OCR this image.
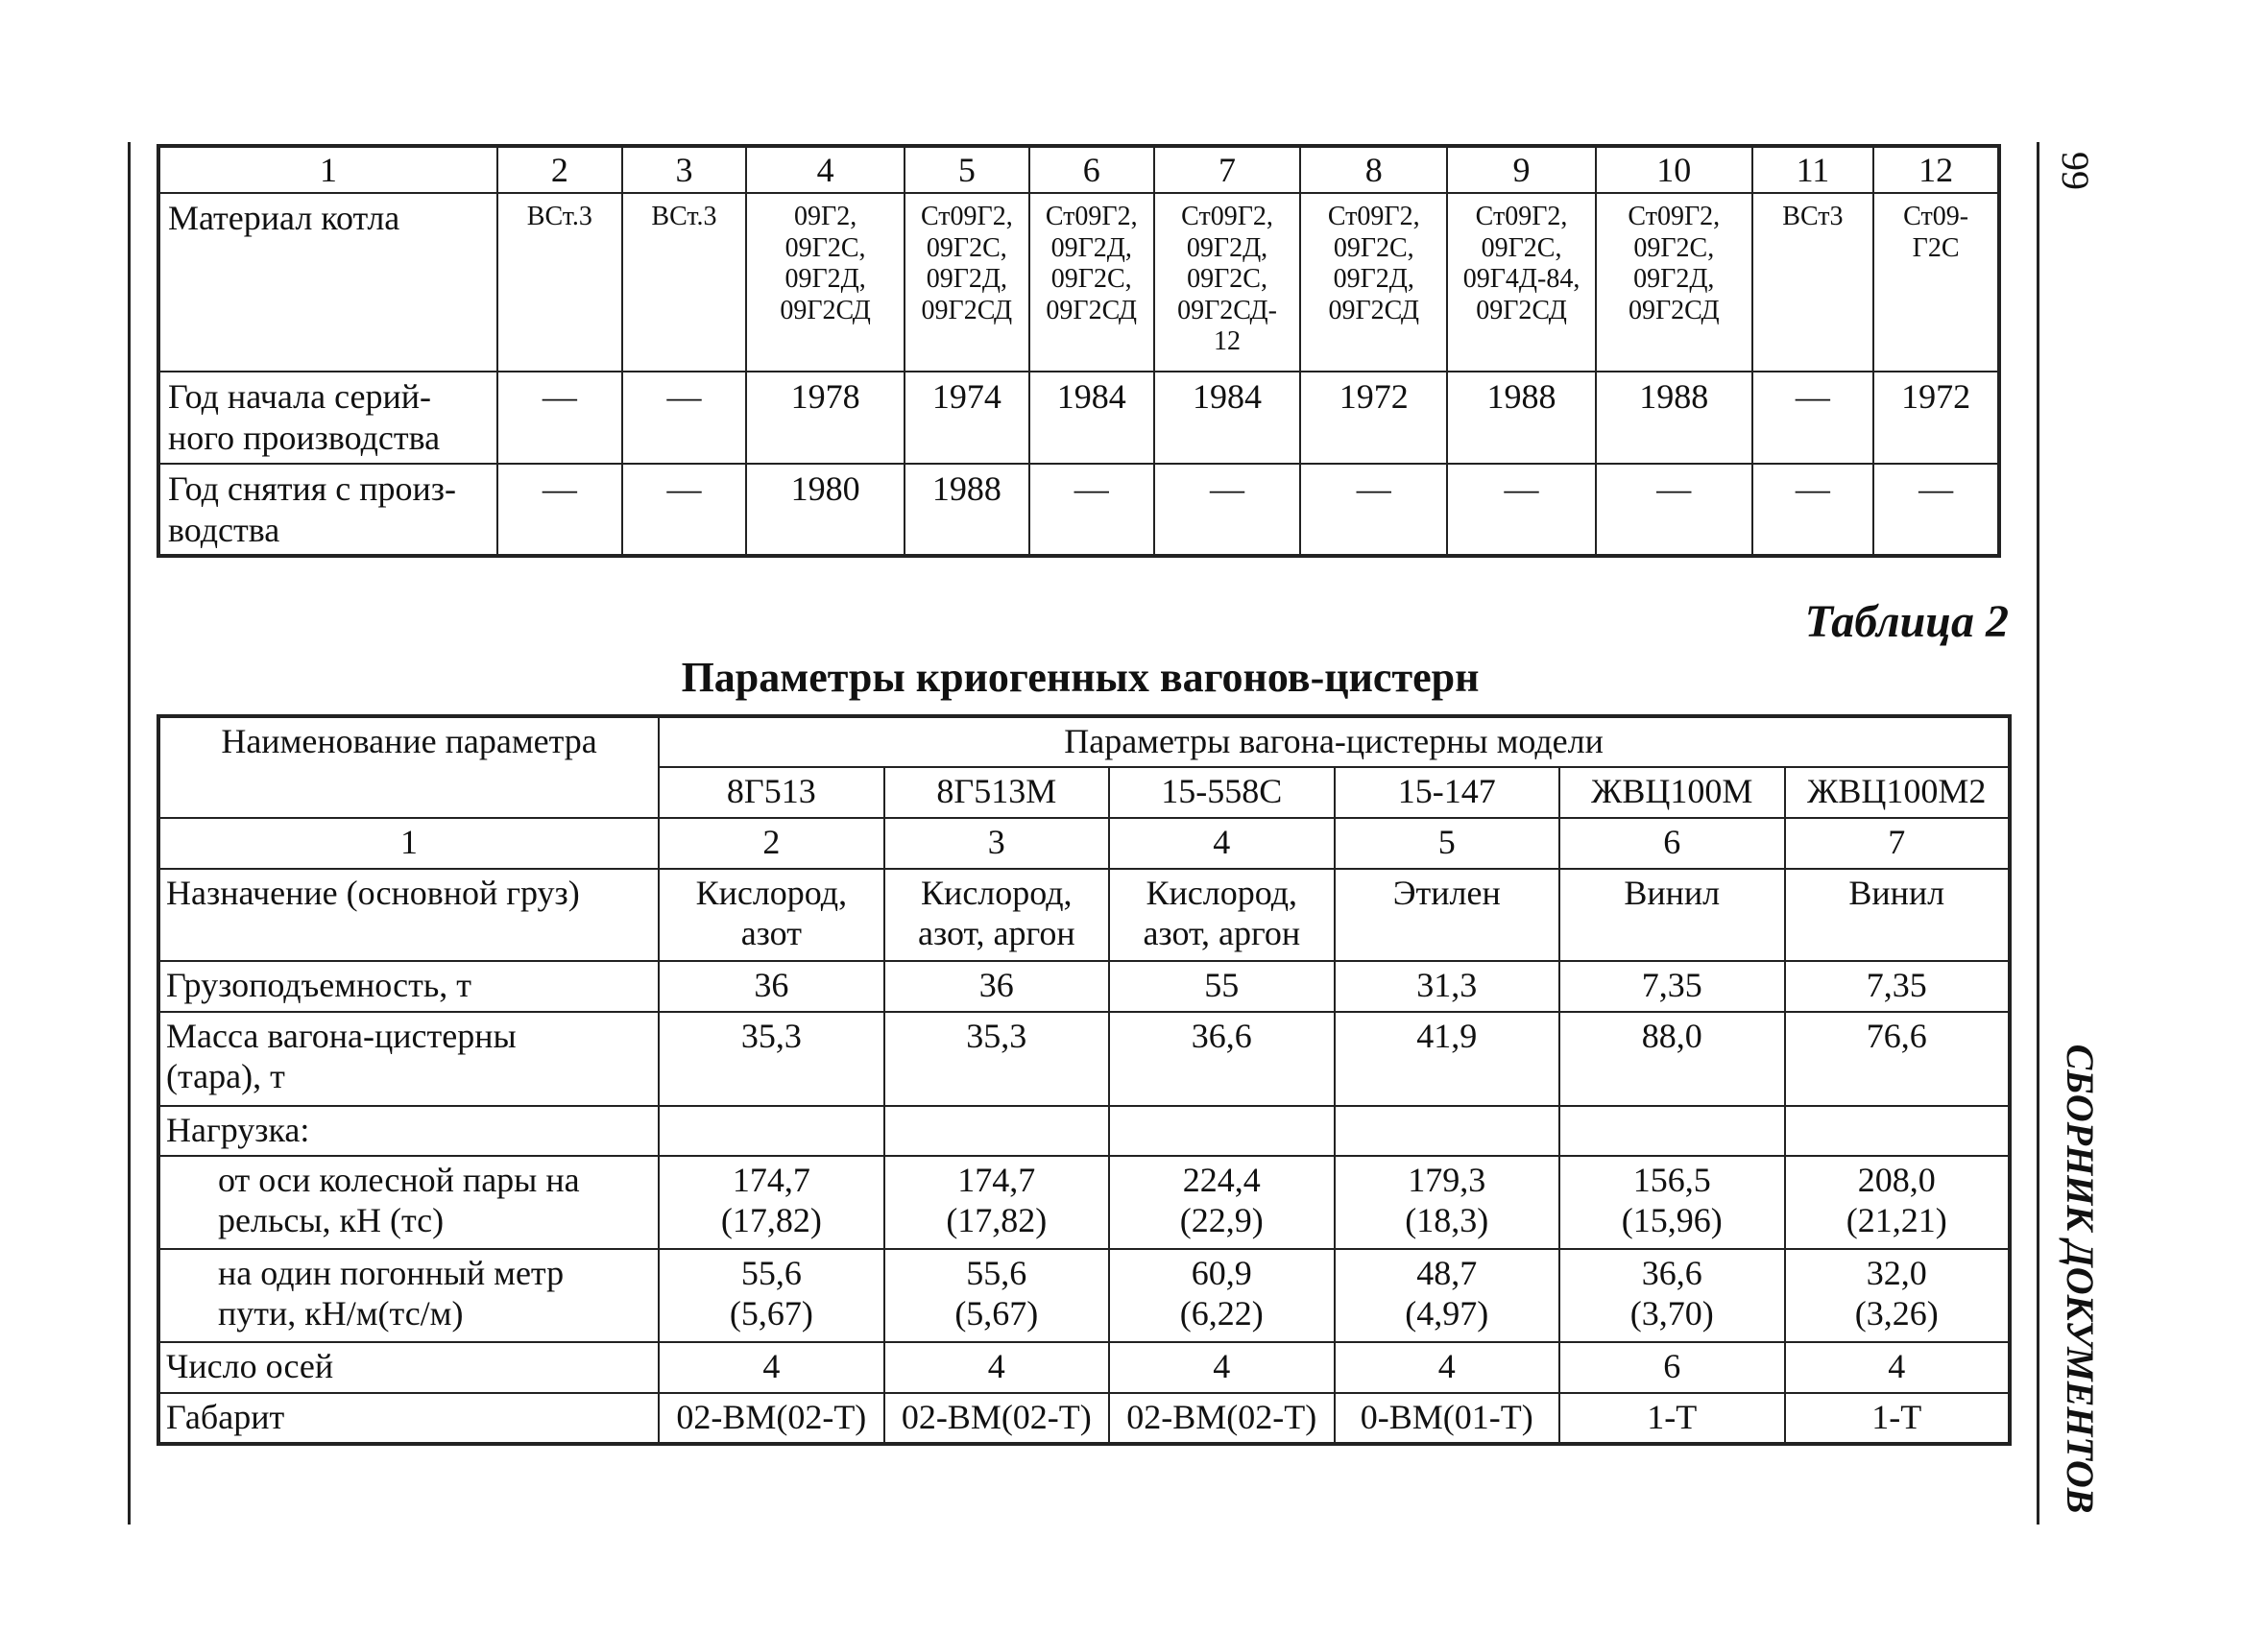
99
СБОРНИК ДОКУМЕНТОВ
1	2	3	4	5	6	7	8	9	10	11	12
Материал котла	ВСт.3	ВСт.3	09Г2,
09Г2С,
09Г2Д,
09Г2СД	Ст09Г2,
09Г2С,
09Г2Д,
09Г2СД	Ст09Г2,
09Г2Д,
09Г2С,
09Г2СД	Ст09Г2,
09Г2Д,
09Г2С,
09Г2СД-
12	Ст09Г2,
09Г2С,
09Г2Д,
09Г2СД	Ст09Г2,
09Г2С,
09Г4Д-84,
09Г2СД	Ст09Г2,
09Г2С,
09Г2Д,
09Г2СД	ВСт3	Ст09-
Г2С
Год начала серий-
ного производства	—	—	1978	1974	1984	1984	1972	1988	1988	—	1972
Год снятия с произ-
водства	—	—	1980	1988	—	—	—	—	—	—	—
Таблица 2
Параметры криогенных вагонов-цистерн
Наименование параметра	Параметры вагона-цистерны модели					
	8Г513	8Г513М	15-558С	15-147	ЖВЦ100М	ЖВЦ100М2
1	2	3	4	5	6	7
Назначение (основной груз)	Кислород,
азот	Кислород,
азот, аргон	Кислород,
азот, аргон	Этилен	Винил	Винил
Грузоподъемность, т	36	36	55	31,3	7,35	7,35
Масса вагона-цистерны
(тара), т	35,3	35,3	36,6	41,9	88,0	76,6
Нагрузка:						
от оси колесной пары на
рельсы, кН (тс)	174,7
(17,82)	174,7
(17,82)	224,4
(22,9)	179,3
(18,3)	156,5
(15,96)	208,0
(21,21)
на один погонный метр
пути, кН/м(тс/м)	55,6
(5,67)	55,6
(5,67)	60,9
(6,22)	48,7
(4,97)	36,6
(3,70)	32,0
(3,26)
Число осей	4	4	4	4	6	4
Габарит	02-ВМ(02-Т)	02-ВМ(02-Т)	02-ВМ(02-Т)	0-ВМ(01-Т)	1-Т	1-Т
